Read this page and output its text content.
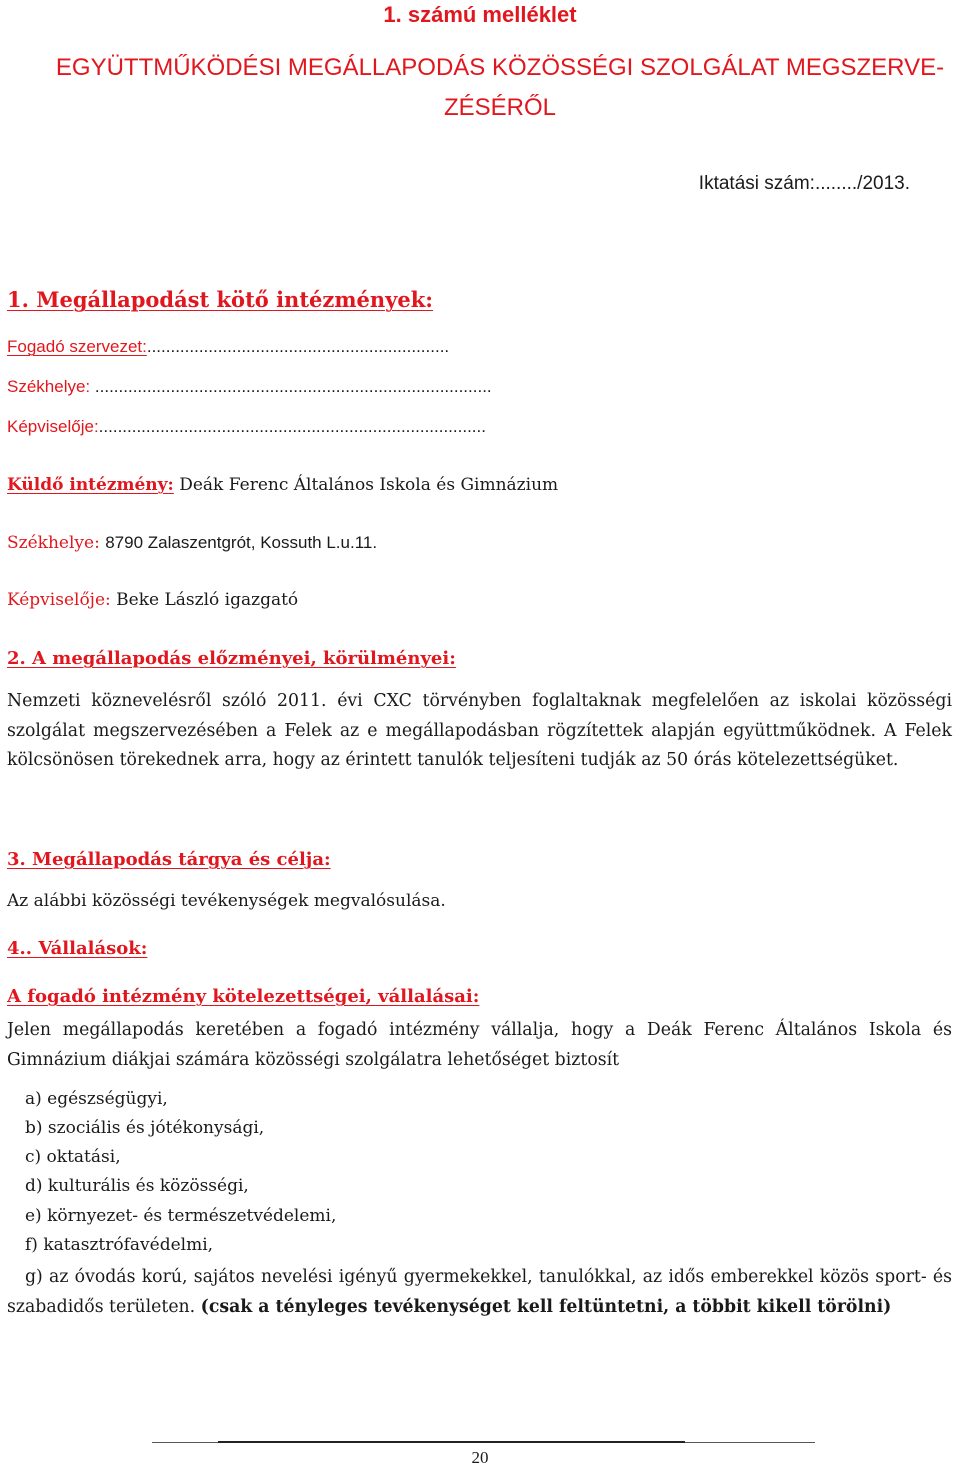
1. számú melléklet
EGYÜTTMŰKÖDÉSI MEGÁLLAPODÁS KÖZÖSSÉGI SZOLGÁLAT MEGSZERVE-ZÉSÉRŐL
Iktatási szám:......../2013.
1. Megállapodást kötő intézmények:
Fogadó szervezet:................................................................
Székhelye: ....................................................................................
Képviselője:..................................................................................
Küldő intézmény: Deák Ferenc Általános Iskola és Gimnázium
Székhelye: 8790 Zalaszentgrót, Kossuth L.u.11.
Képviselője: Beke László igazgató
2. A megállapodás előzményei, körülményei:
Nemzeti köznevelésről szóló 2011. évi CXC törvényben foglaltaknak megfelelően az iskolai közösségi szolgálat megszervezésében a Felek az e megállapodásban rögzítettek alapján együttműködnek. A Felek kölcsönösen törekednek arra, hogy az érintett tanulók teljesíteni tudják az 50 órás kötelezettségüket.
3. Megállapodás tárgya és célja:
Az alábbi közösségi tevékenységek megvalósulása.
4.. Vállalások:
A fogadó intézmény kötelezettségei, vállalásai:
Jelen megállapodás keretében a fogadó intézmény vállalja, hogy a Deák Ferenc Általános Iskola és Gimnázium diákjai számára közösségi szolgálatra lehetőséget biztosít
a) egészségügyi,
b) szociális és jótékonysági,
c) oktatási,
d) kulturális és közösségi,
e) környezet- és természetvédelemi,
f) katasztrófavédelmi,
g) az óvodás korú, sajátos nevelési igényű gyermekekkel, tanulókkal, az idős emberekkel közös sport- és szabadidős területen. (csak a tényleges tevékenységet kell feltüntetni, a többit kikell törölni)
20
